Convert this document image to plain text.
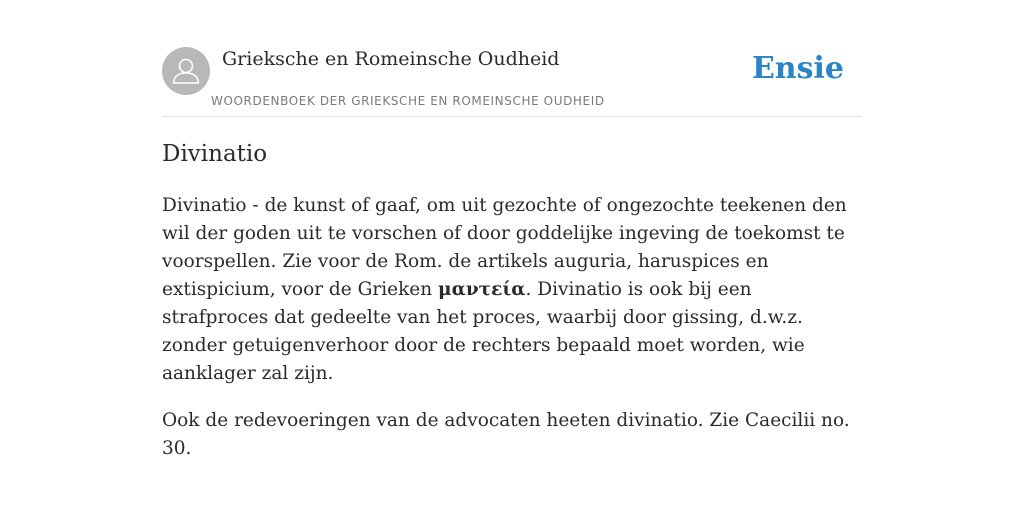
Grieksche en Romeinsche Oudheid
WOORDENBOEK DER GRIEKSCHE EN ROMEINSCHE OUDHEID
Ensie
Divinatio

Divinatio - de kunst of gaaf, om uit gezochte of ongezochte teekenen den wil der goden uit te vorschen of door goddelijke ingeving de toekomst te voorspellen. Zie voor de Rom. de artikels auguria, haruspices en extispicium, voor de Grieken μαντεία. Divinatio is ook bij een strafproces dat gedeelte van het proces, waarbij door gissing, d.w.z. zonder getuigenverhoor door de rechters bepaald moet worden, wie aanklager zal zijn.

Ook de redevoeringen van de advocaten heeten divinatio. Zie Caecilii no. 30.
